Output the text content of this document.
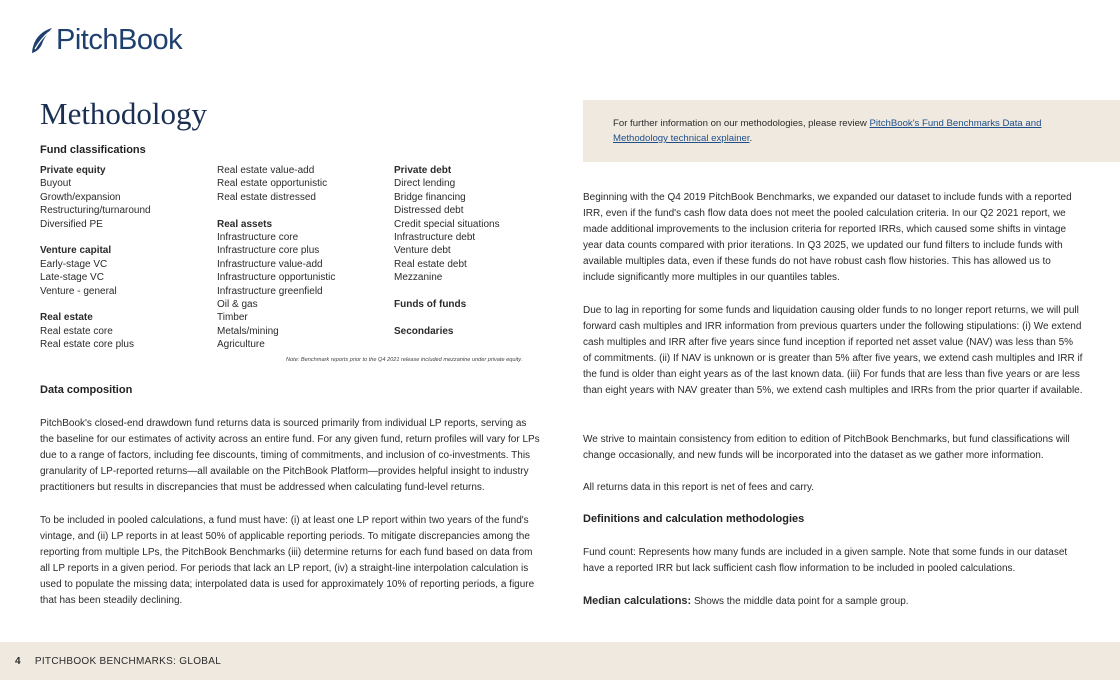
PitchBook
Methodology
Fund classifications
Private equity
Buyout
Growth/expansion
Restructuring/turnaround
Diversified PE
Venture capital
Early-stage VC
Late-stage VC
Venture - general
Real estate
Real estate core
Real estate core plus
Real estate value-add
Real estate opportunistic
Real estate distressed
Real assets
Infrastructure core
Infrastructure core plus
Infrastructure value-add
Infrastructure opportunistic
Infrastructure greenfield
Oil & gas
Timber
Metals/mining
Agriculture
Private debt
Direct lending
Bridge financing
Distressed debt
Credit special situations
Infrastructure debt
Venture debt
Real estate debt
Mezzanine
Funds of funds
Secondaries
Note: Benchmark reports prior to the Q4 2021 release included mezzanine under private equity.
Data composition
PitchBook's closed-end drawdown fund returns data is sourced primarily from individual LP reports, serving as the baseline for our estimates of activity across an entire fund. For any given fund, return profiles will vary for LPs due to a range of factors, including fee discounts, timing of commitments, and inclusion of co-investments. This granularity of LP-reported returns—all available on the PitchBook Platform—provides helpful insight to industry practitioners but results in discrepancies that must be addressed when calculating fund-level returns.
To be included in pooled calculations, a fund must have: (i) at least one LP report within two years of the fund's vintage, and (ii) LP reports in at least 50% of applicable reporting periods. To mitigate discrepancies among the reporting from multiple LPs, the PitchBook Benchmarks (iii) determine returns for each fund based on data from all LP reports in a given period. For periods that lack an LP report, (iv) a straight-line interpolation calculation is used to populate the missing data; interpolated data is used for approximately 10% of reporting periods, a figure that has been steadily declining.
For further information on our methodologies, please review PitchBook's Fund Benchmarks Data and Methodology technical explainer.
Beginning with the Q4 2019 PitchBook Benchmarks, we expanded our dataset to include funds with a reported IRR, even if the fund's cash flow data does not meet the pooled calculation criteria. In our Q2 2021 report, we made additional improvements to the inclusion criteria for reported IRRs, which caused some shifts in vintage year data counts compared with prior iterations. In Q3 2025, we updated our fund filters to include funds with available multiples data, even if these funds do not have robust cash flow histories. This has allowed us to include significantly more multiples in our quantiles tables.
Due to lag in reporting for some funds and liquidation causing older funds to no longer report returns, we will pull forward cash multiples and IRR information from previous quarters under the following stipulations: (i) We extend cash multiples and IRR after five years since fund inception if reported net asset value (NAV) was less than 5% of commitments. (ii) If NAV is unknown or is greater than 5% after five years, we extend cash multiples and IRR if the fund is older than eight years as of the last known data. (iii) For funds that are less than five years or are less than eight years with NAV greater than 5%, we extend cash multiples and IRRs from the prior quarter if available.
We strive to maintain consistency from edition to edition of PitchBook Benchmarks, but fund classifications will change occasionally, and new funds will be incorporated into the dataset as we gather more information.
All returns data in this report is net of fees and carry.
Definitions and calculation methodologies
Fund count: Represents how many funds are included in a given sample. Note that some funds in our dataset have a reported IRR but lack sufficient cash flow information to be included in pooled calculations.
Median calculations: Shows the middle data point for a sample group.
4 PITCHBOOK BENCHMARKS: GLOBAL
